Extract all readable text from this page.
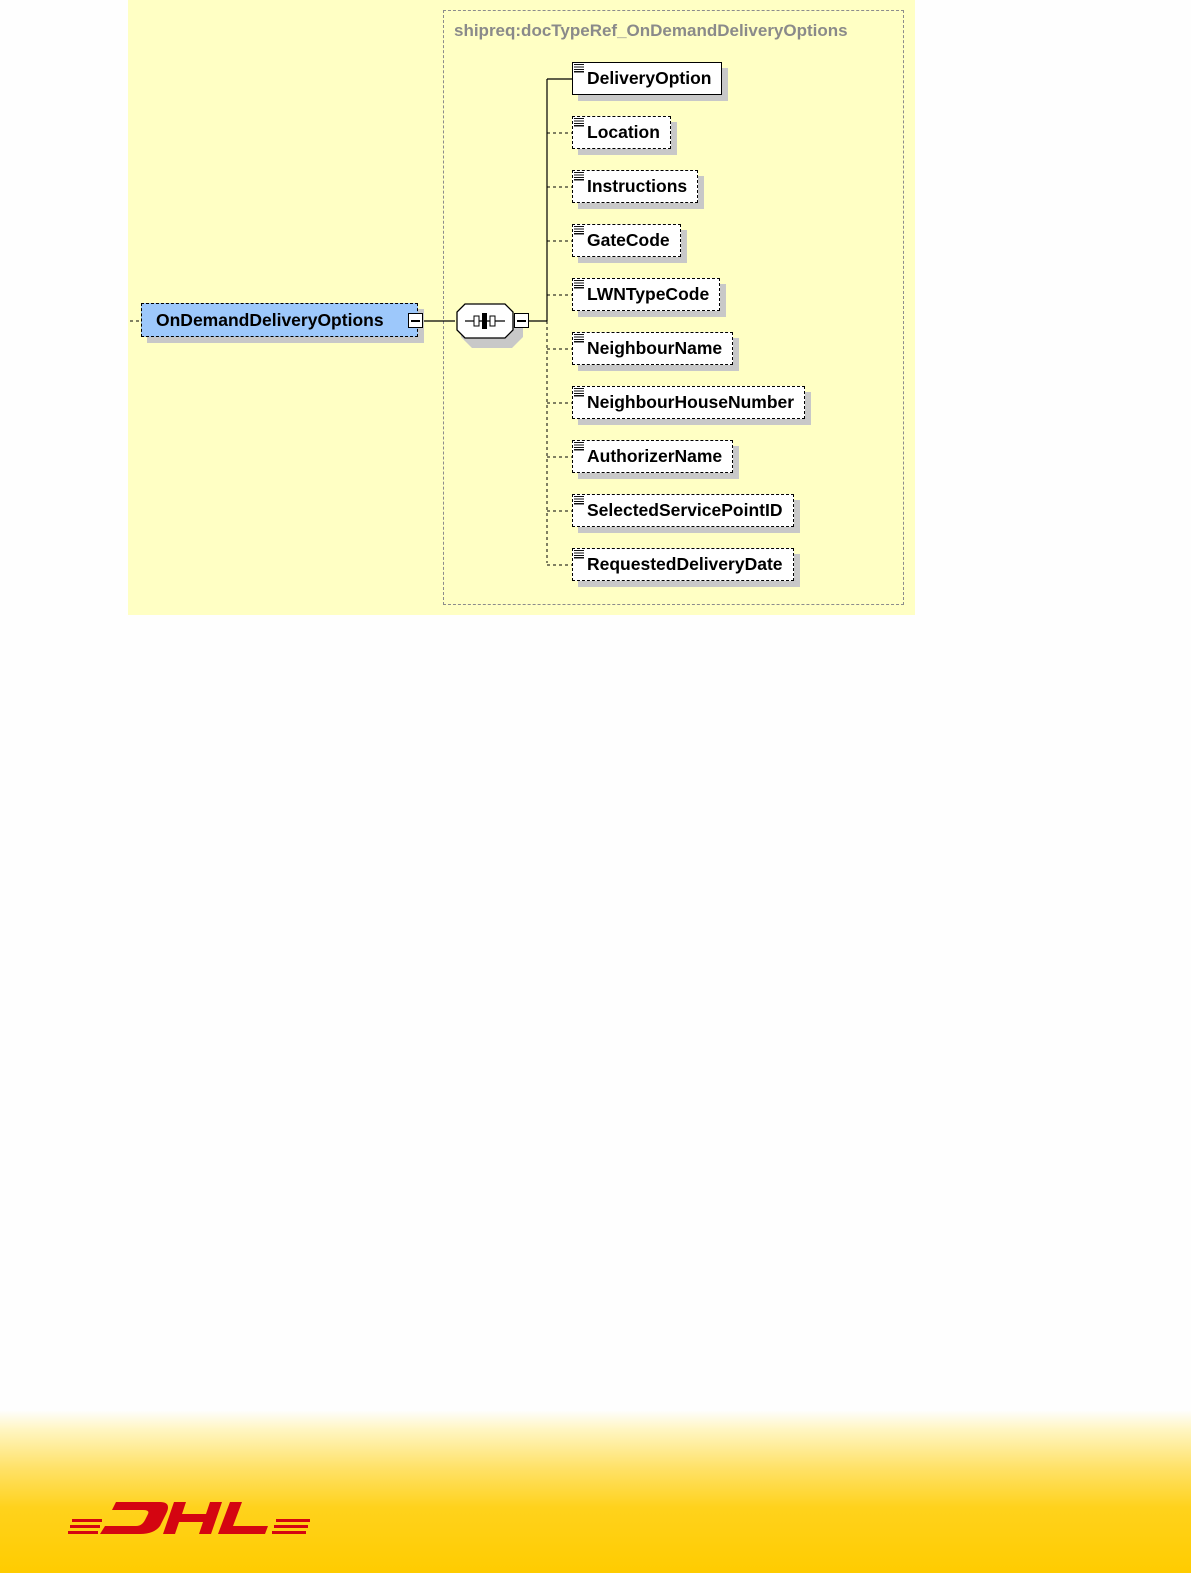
shipreq:docTypeRef_OnDemandDeliveryOptions
OnDemandDeliveryOptions
DeliveryOption
Location
Instructions
GateCode
LWNTypeCode
NeighbourName
NeighbourHouseNumber
AuthorizerName
SelectedServicePointID
RequestedDeliveryDate
